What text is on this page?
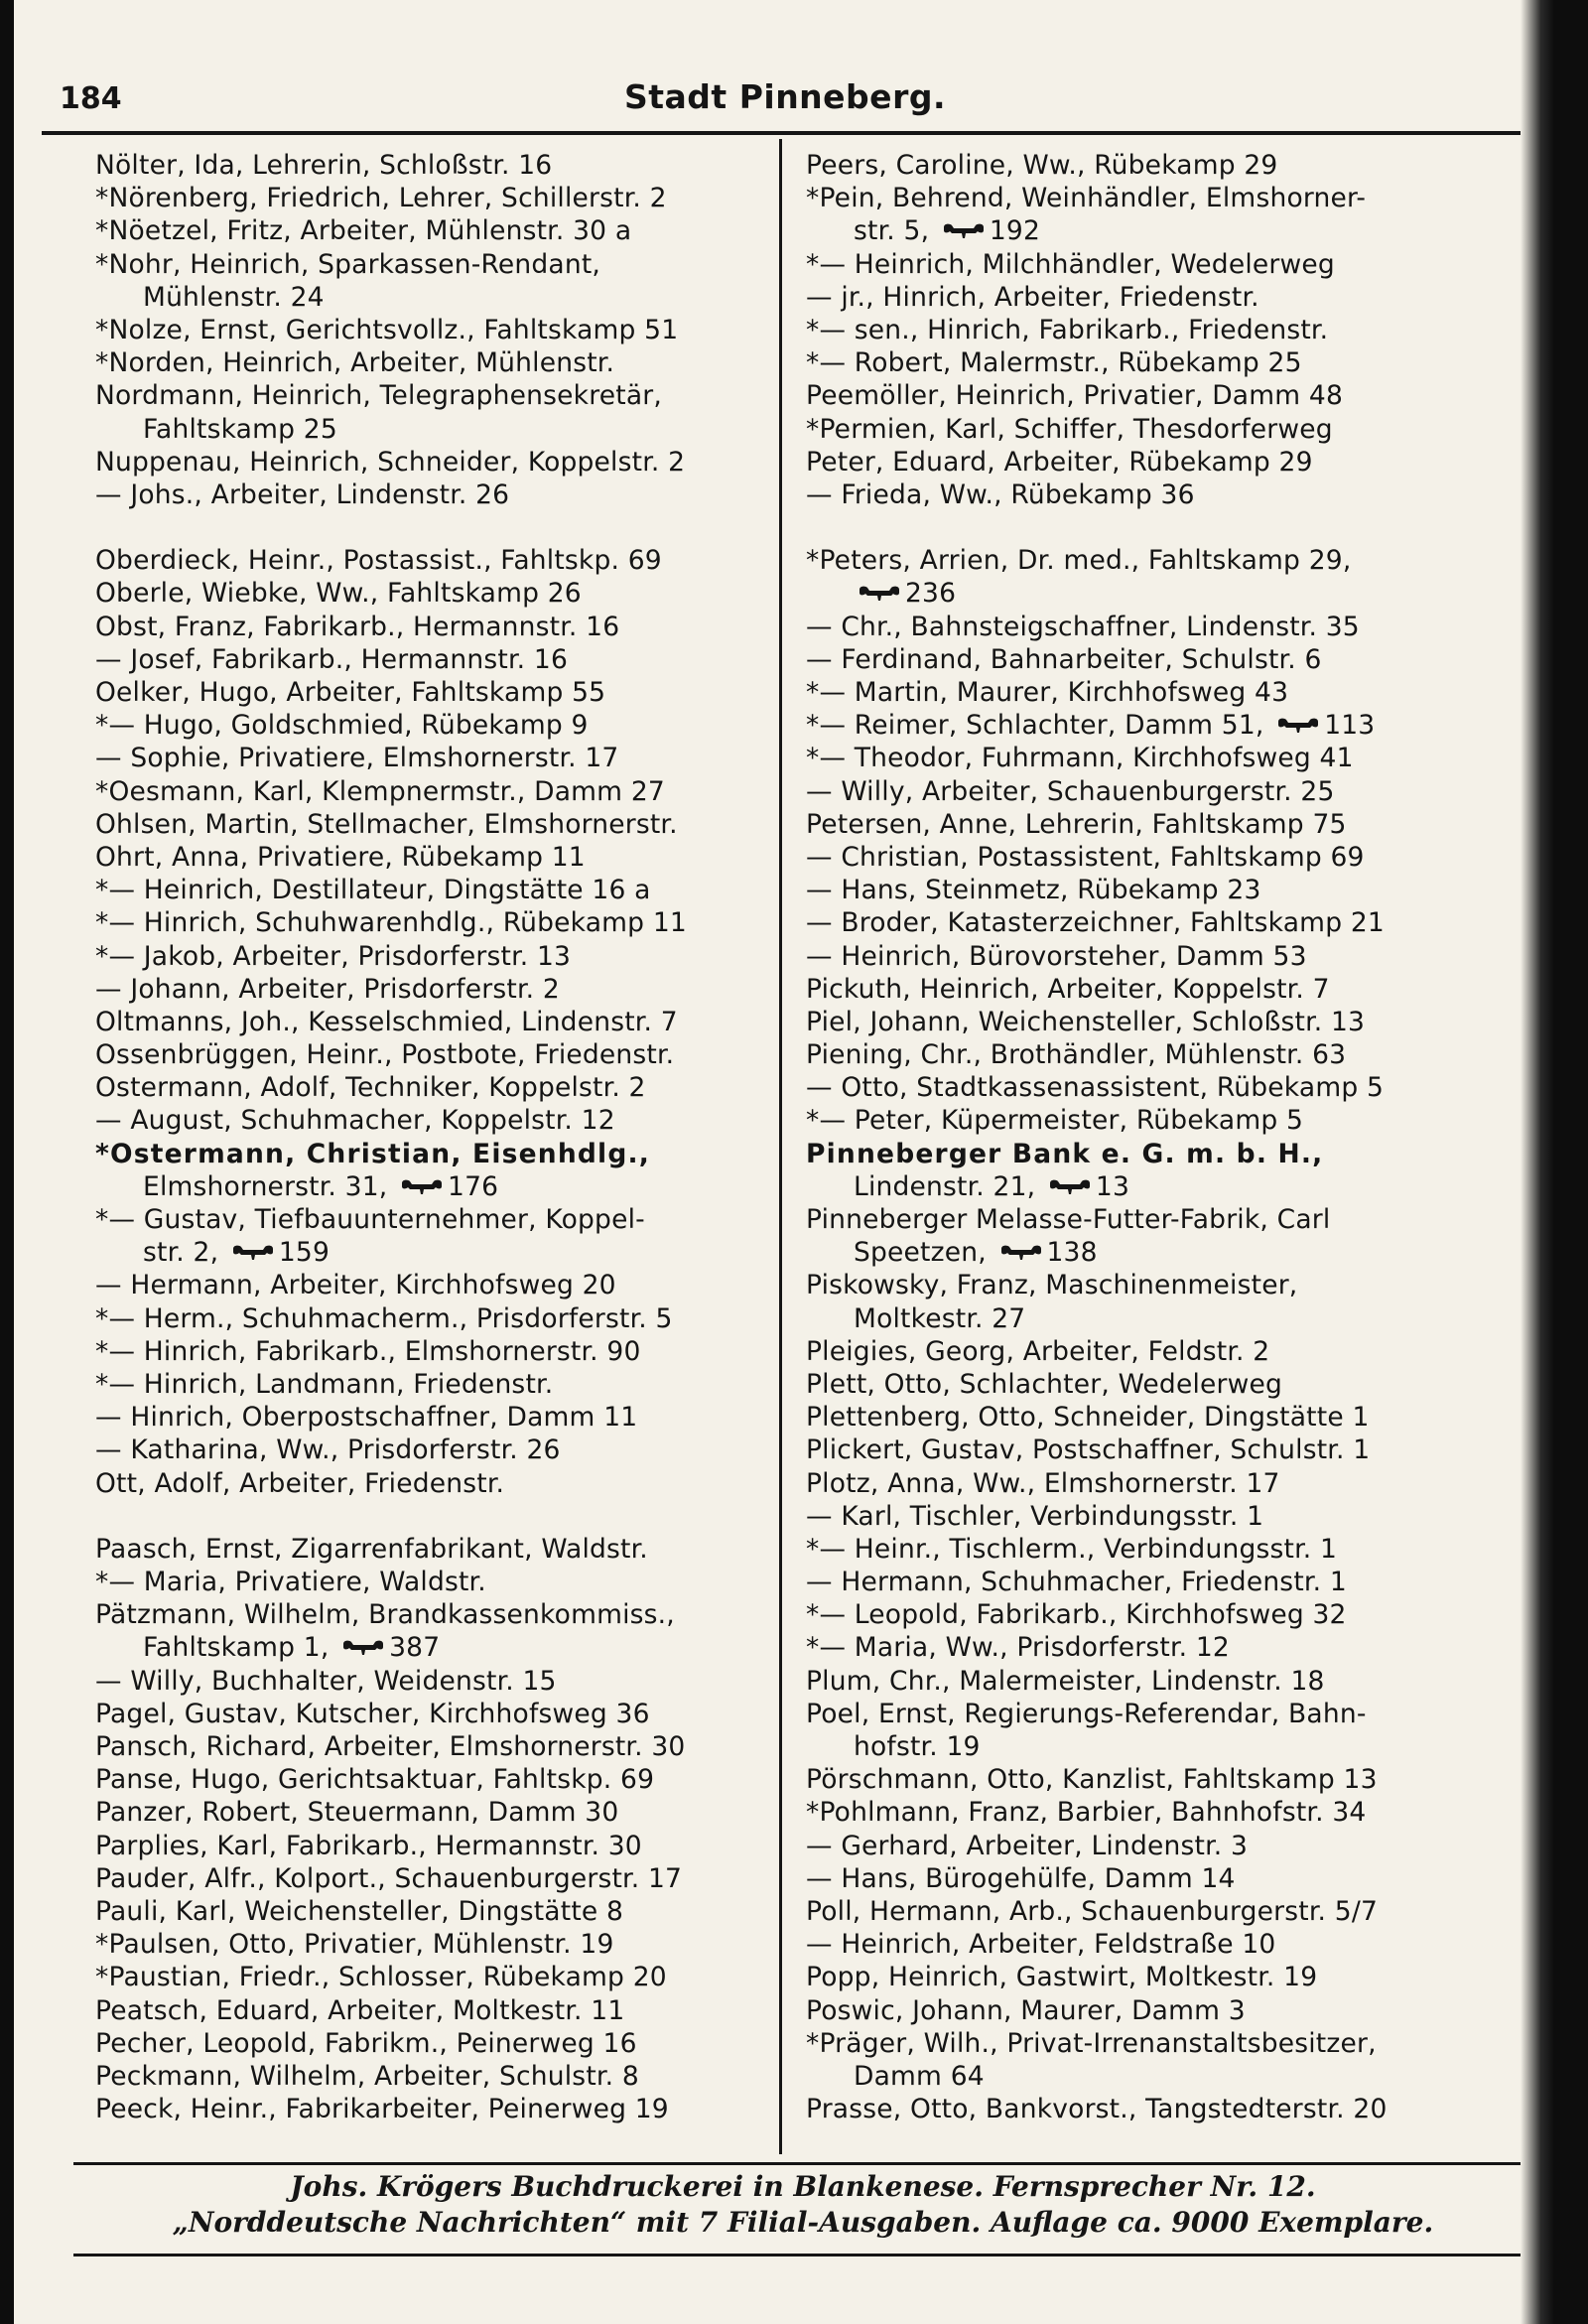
184	Stadt Pinneberg.
Nölter, Ida, Lehrerin, Schloßstr. 16
*Nörenberg, Friedrich, Lehrer, Schillerstr. 2
*Nöetzel, Fritz, Arbeiter, Mühlenstr. 30 a
*Nohr, Heinrich, Sparkassen-Rendant,
Mühlenstr. 24
*Nolze, Ernst, Gerichtsvollz., Fahltskamp 51
*Norden, Heinrich, Arbeiter, Mühlenstr.
Nordmann, Heinrich, Telegraphensekretär,
Fahltskamp 25
Nuppenau, Heinrich, Schneider, Koppelstr. 2
— Johs., Arbeiter, Lindenstr. 26
Oberdieck, Heinr., Postassist., Fahltskp. 69
Oberle, Wiebke, Ww., Fahltskamp 26
Obst, Franz, Fabrikarb., Hermannstr. 16
— Josef, Fabrikarb., Hermannstr. 16
Oelker, Hugo, Arbeiter, Fahltskamp 55
*— Hugo, Goldschmied, Rübekamp 9
— Sophie, Privatiere, Elmshornerstr. 17
*Oesmann, Karl, Klempnermstr., Damm 27
Ohlsen, Martin, Stellmacher, Elmshornerstr.
Ohrt, Anna, Privatiere, Rübekamp 11
*— Heinrich, Destillateur, Dingstätte 16 a
*— Hinrich, Schuhwarenhdlg., Rübekamp 11
*— Jakob, Arbeiter, Prisdorferstr. 13
— Johann, Arbeiter, Prisdorferstr. 2
Oltmanns, Joh., Kesselschmied, Lindenstr. 7
Ossenbrüggen, Heinr., Postbote, Friedenstr.
Ostermann, Adolf, Techniker, Koppelstr. 2
— August, Schuhmacher, Koppelstr. 12
*Ostermann, Christian, Eisenhdlg.,
Elmshornerstr. 31, 176
*— Gustav, Tiefbauunternehmer, Koppel-
str. 2, 159
— Hermann, Arbeiter, Kirchhofsweg 20
*— Herm., Schuhmacherm., Prisdorferstr. 5
*— Hinrich, Fabrikarb., Elmshornerstr. 90
*— Hinrich, Landmann, Friedenstr.
— Hinrich, Oberpostschaffner, Damm 11
— Katharina, Ww., Prisdorferstr. 26
Ott, Adolf, Arbeiter, Friedenstr.
Paasch, Ernst, Zigarrenfabrikant, Waldstr.
*— Maria, Privatiere, Waldstr.
Pätzmann, Wilhelm, Brandkassenkommiss.,
Fahltskamp 1, 387
— Willy, Buchhalter, Weidenstr. 15
Pagel, Gustav, Kutscher, Kirchhofsweg 36
Pansch, Richard, Arbeiter, Elmshornerstr. 30
Panse, Hugo, Gerichtsaktuar, Fahltskp. 69
Panzer, Robert, Steuermann, Damm 30
Parplies, Karl, Fabrikarb., Hermannstr. 30
Pauder, Alfr., Kolport., Schauenburgerstr. 17
Pauli, Karl, Weichensteller, Dingstätte 8
*Paulsen, Otto, Privatier, Mühlenstr. 19
*Paustian, Friedr., Schlosser, Rübekamp 20
Peatsch, Eduard, Arbeiter, Moltkestr. 11
Pecher, Leopold, Fabrikm., Peinerweg 16
Peckmann, Wilhelm, Arbeiter, Schulstr. 8
Peeck, Heinr., Fabrikarbeiter, Peinerweg 19
Peers, Caroline, Ww., Rübekamp 29
*Pein, Behrend, Weinhändler, Elmshorner-
str. 5, 192
*— Heinrich, Milchhändler, Wedelerweg
— jr., Hinrich, Arbeiter, Friedenstr.
*— sen., Hinrich, Fabrikarb., Friedenstr.
*— Robert, Malermstr., Rübekamp 25
Peemöller, Heinrich, Privatier, Damm 48
*Permien, Karl, Schiffer, Thesdorferweg
Peter, Eduard, Arbeiter, Rübekamp 29
— Frieda, Ww., Rübekamp 36
*Peters, Arrien, Dr. med., Fahltskamp 29,
236
— Chr., Bahnsteigschaffner, Lindenstr. 35
— Ferdinand, Bahnarbeiter, Schulstr. 6
*— Martin, Maurer, Kirchhofsweg 43
*— Reimer, Schlachter, Damm 51, 113
*— Theodor, Fuhrmann, Kirchhofsweg 41
— Willy, Arbeiter, Schauenburgerstr. 25
Petersen, Anne, Lehrerin, Fahltskamp 75
— Christian, Postassistent, Fahltskamp 69
— Hans, Steinmetz, Rübekamp 23
— Broder, Katasterzeichner, Fahltskamp 21
— Heinrich, Bürovorsteher, Damm 53
Pickuth, Heinrich, Arbeiter, Koppelstr. 7
Piel, Johann, Weichensteller, Schloßstr. 13
Piening, Chr., Brothändler, Mühlenstr. 63
— Otto, Stadtkassenassistent, Rübekamp 5
*— Peter, Küpermeister, Rübekamp 5
Pinneberger Bank e. G. m. b. H.,
Lindenstr. 21, 13
Pinneberger Melasse-Futter-Fabrik, Carl
Speetzen, 138
Piskowsky, Franz, Maschinenmeister,
Moltkestr. 27
Pleigies, Georg, Arbeiter, Feldstr. 2
Plett, Otto, Schlachter, Wedelerweg
Plettenberg, Otto, Schneider, Dingstätte 1
Plickert, Gustav, Postschaffner, Schulstr. 1
Plotz, Anna, Ww., Elmshornerstr. 17
— Karl, Tischler, Verbindungsstr. 1
*— Heinr., Tischlerm., Verbindungsstr. 1
— Hermann, Schuhmacher, Friedenstr. 1
*— Leopold, Fabrikarb., Kirchhofsweg 32
*— Maria, Ww., Prisdorferstr. 12
Plum, Chr., Malermeister, Lindenstr. 18
Poel, Ernst, Regierungs-Referendar, Bahn-
hofstr. 19
Pörschmann, Otto, Kanzlist, Fahltskamp 13
*Pohlmann, Franz, Barbier, Bahnhofstr. 34
— Gerhard, Arbeiter, Lindenstr. 3
— Hans, Bürogehülfe, Damm 14
Poll, Hermann, Arb., Schauenburgerstr. 5/7
— Heinrich, Arbeiter, Feldstraße 10
Popp, Heinrich, Gastwirt, Moltkestr. 19
Poswic, Johann, Maurer, Damm 3
*Präger, Wilh., Privat-Irrenanstaltsbesitzer,
Damm 64
Prasse, Otto, Bankvorst., Tangstedterstr. 20
Johs. Krögers Buchdruckerei in Blankenese. Fernsprecher Nr. 12.
„Norddeutsche Nachrichten“ mit 7 Filial-Ausgaben. Auflage ca. 9000 Exemplare.
